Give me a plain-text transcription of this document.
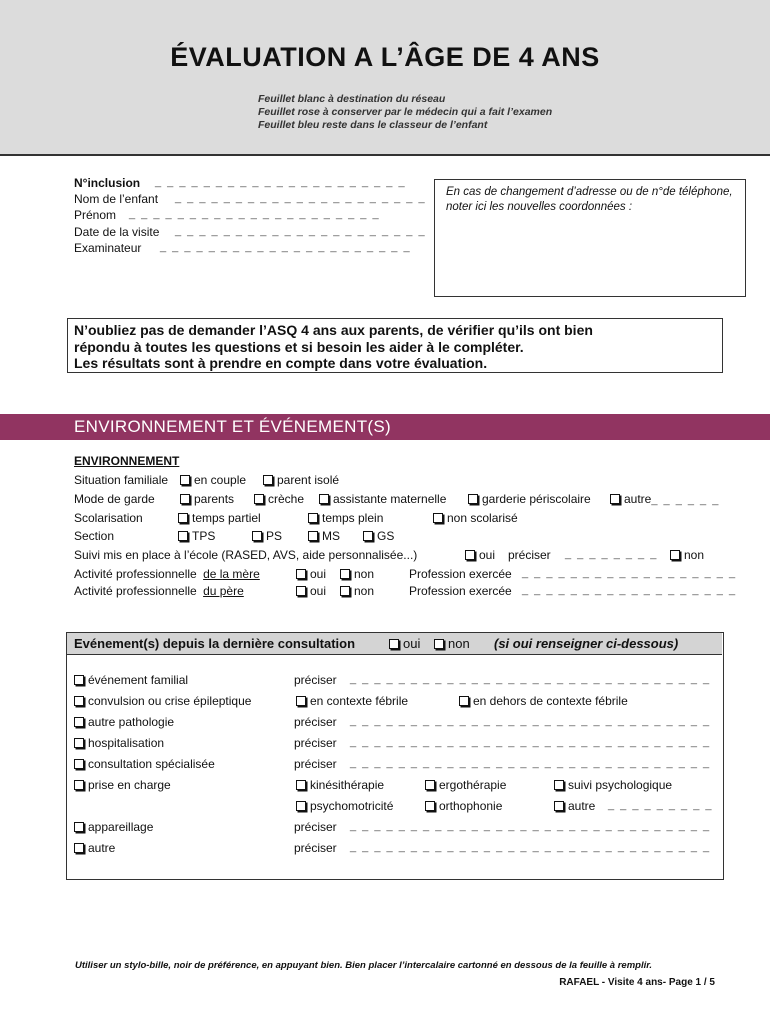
ÉVALUATION A L’ÂGE DE 4 ANS
Feuillet blanc à destination du réseau
Feuillet rose à conserver par le médecin qui a fait l’examen
Feuillet bleu reste dans le classeur de l’enfant
N°inclusion _ _ _ _ _ _ _ _ _ _ _ _ _ _ _ _ _ _ _ _ _
Nom de l’enfant _ _ _ _ _ _ _ _ _ _ _ _ _ _ _ _ _ _ _ _ _
Prénom _ _ _ _ _ _ _ _ _ _ _ _ _ _ _ _ _ _ _ _ _
Date de la visite _ _ _ _ _ _ _ _ _ _ _ _ _ _ _ _ _ _ _ _ _
Examinateur _ _ _ _ _ _ _ _ _ _ _ _ _ _ _ _ _ _ _ _ _
En cas de changement d’adresse ou de n°de téléphone, noter ici les nouvelles coordonnées :
N’oubliez pas de demander l’ASQ 4 ans aux parents, de vérifier qu’ils ont bien
répondu à toutes les questions et si besoin les aider à le compléter.
Les résultats sont à prendre en compte dans votre évaluation.
ENVIRONNEMENT ET ÉVÉNEMENT(S)
ENVIRONNEMENT
Situation familiale	en couple	parent isolé
Mode de garde	parents	crèche	assistante maternelle	garderie périscolaire	autre_ _ _ _ _ _
Scolarisation	temps partiel	temps plein	non scolarisé
Section	TPS	PS	MS	GS
Suivi mis en place à l’école (RASED, AVS, aide personnalisée...)	oui préciser _ _ _ _ _ _ _ _	non
Activité professionnelle de la mère	oui	non	Profession exercée _ _ _ _ _ _ _ _ _ _ _ _ _ _ _ _ _ _
Activité professionnelle du père	oui	non	Profession exercée _ _ _ _ _ _ _ _ _ _ _ _ _ _ _ _ _ _
Evénement(s) depuis la dernière consultation	oui	non (si oui renseigner ci-dessous)
événement familial	préciser _ _ _ _ _ _ _ _ _ _ _ _ _ _ _ _ _ _ _ _ _ _ _ _ _ _ _ _ _ _
convulsion ou crise épileptique	en contexte fébrile	en dehors de contexte fébrile
autre pathologie	préciser _ _ _ _ _ _ _ _ _ _ _ _ _ _ _ _ _ _ _ _ _ _ _ _ _ _ _ _ _ _
hospitalisation	préciser _ _ _ _ _ _ _ _ _ _ _ _ _ _ _ _ _ _ _ _ _ _ _ _ _ _ _ _ _ _
consultation spécialisée	préciser _ _ _ _ _ _ _ _ _ _ _ _ _ _ _ _ _ _ _ _ _ _ _ _ _ _ _ _ _ _
prise en charge	kinésithérapie	ergothérapie	suivi psychologique
psychomotricité	orthophonie	autre _ _ _ _ _ _ _ _ _
appareillage	préciser _ _ _ _ _ _ _ _ _ _ _ _ _ _ _ _ _ _ _ _ _ _ _ _ _ _ _ _ _ _
autre	préciser _ _ _ _ _ _ _ _ _ _ _ _ _ _ _ _ _ _ _ _ _ _ _ _ _ _ _ _ _ _
Utiliser un stylo-bille, noir de préférence, en appuyant bien. Bien placer l’intercalaire cartonné en dessous de la feuille à remplir.
RAFAEL - Visite 4 ans- Page 1 / 5
